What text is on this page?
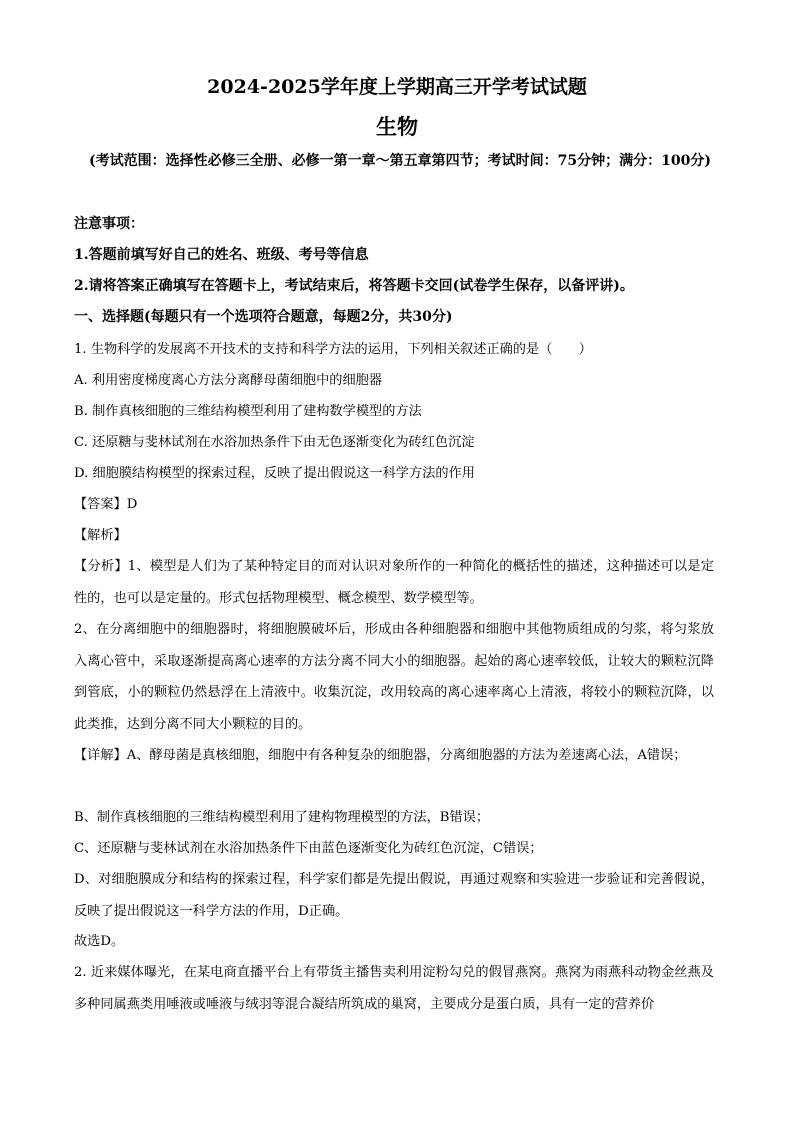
2024-2025学年度上学期高三开学考试试题
生物
(考试范围：选择性必修三全册、必修一第一章～第五章第四节；考试时间：75分钟；满分：100分)
注意事项：
1.答题前填写好自己的姓名、班级、考号等信息
2.请将答案正确填写在答题卡上，考试结束后，将答题卡交回(试卷学生保存，以备评讲)。
一、选择题(每题只有一个选项符合题意，每题2分，共30分)
1. 生物科学的发展离不开技术的支持和科学方法的运用，下列相关叙述正确的是（　　）
A. 利用密度梯度离心方法分离酵母菌细胞中的细胞器
B. 制作真核细胞的三维结构模型利用了建构数学模型的方法
C. 还原糖与斐林试剂在水浴加热条件下由无色逐渐变化为砖红色沉淀
D. 细胞膜结构模型的探索过程，反映了提出假说这一科学方法的作用
【答案】D
【解析】
【分析】1、模型是人们为了某种特定目的而对认识对象所作的一种简化的概括性的描述，这种描述可以是定性的，也可以是定量的。形式包括物理模型、概念模型、数学模型等。
2、在分离细胞中的细胞器时，将细胞膜破坏后，形成由各种细胞器和细胞中其他物质组成的匀浆，将匀浆放入离心管中，采取逐渐提高离心速率的方法分离不同大小的细胞器。起始的离心速率较低，让较大的颗粒沉降到管底，小的颗粒仍然悬浮在上清液中。收集沉淀，改用较高的离心速率离心上清液，将较小的颗粒沉降，以此类推，达到分离不同大小颗粒的目的。
【详解】A、酵母菌是真核细胞，细胞中有各种复杂的细胞器，分离细胞器的方法为差速离心法，A错误；
B、制作真核细胞的三维结构模型利用了建构物理模型的方法，B错误；
C、还原糖与斐林试剂在水浴加热条件下由蓝色逐渐变化为砖红色沉淀，C错误；
D、对细胞膜成分和结构的探索过程，科学家们都是先提出假说，再通过观察和实验进一步验证和完善假说，反映了提出假说这一科学方法的作用，D正确。
故选D。
2. 近来媒体曝光，在某电商直播平台上有带货主播售卖利用淀粉勾兑的假冒燕窝。燕窝为雨燕科动物金丝燕及多种同属燕类用唾液或唾液与绒羽等混合凝结所筑成的巢窝，主要成分是蛋白质，具有一定的营养价
